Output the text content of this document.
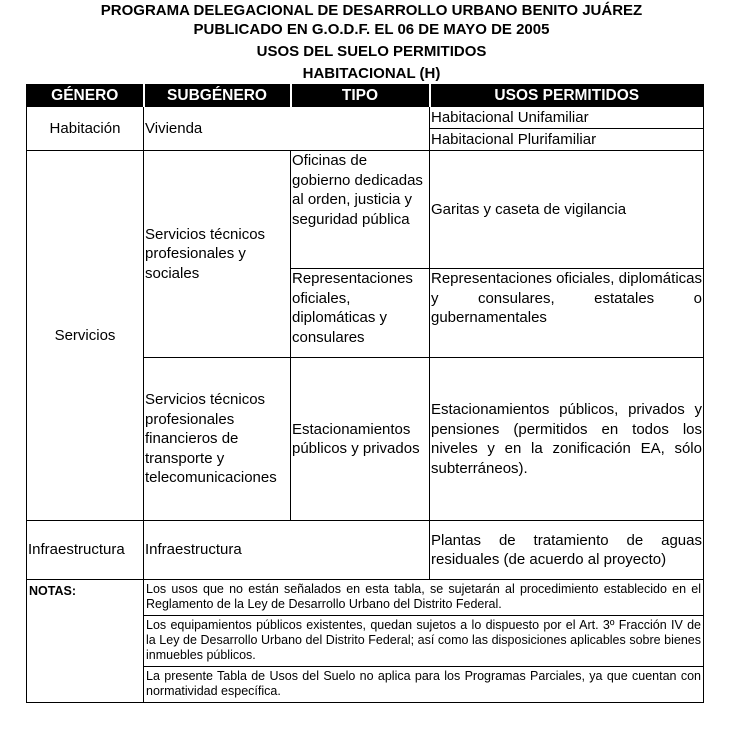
PROGRAMA DELEGACIONAL DE DESARROLLO URBANO BENITO JUÁREZ
PUBLICADO EN G.O.D.F. EL 06 DE MAYO DE 2005
USOS DEL SUELO PERMITIDOS
HABITACIONAL (H)
GÉNERO	SUBGÉNERO	TIPO	USOS PERMITIDOS
Habitación	Vivienda		Habitacional Unifamiliar
			Habitacional Plurifamiliar
Servicios	Servicios técnicos profesionales y sociales	Oficinas de gobierno dedicadas al orden, justicia y seguridad pública	Garitas y caseta de vigilancia
		Representaciones oficiales, diplomáticas y consulares	Representaciones oficiales, diplomáticas y consulares, estatales o gubernamentales
	Servicios técnicos profesionales financieros de transporte y telecomunicaciones	Estacionamientos públicos y privados	Estacionamientos públicos, privados y pensiones (permitidos en todos los niveles y en la zonificación EA, sólo subterráneos).
Infraestructura	Infraestructura		Plantas de tratamiento de aguas residuales (de acuerdo al proyecto)
NOTAS:	Los usos que no están señalados en esta tabla, se sujetarán al procedimiento establecido en el Reglamento de la Ley de Desarrollo Urbano del Distrito Federal.		
	Los equipamientos públicos existentes, quedan sujetos a lo dispuesto por el Art. 3º Fracción IV de la Ley de Desarrollo Urbano del Distrito Federal; así como las disposiciones aplicables sobre bienes inmuebles públicos.		
	La presente Tabla de Usos del Suelo no aplica para los Programas Parciales, ya que cuentan con normatividad específica.		
